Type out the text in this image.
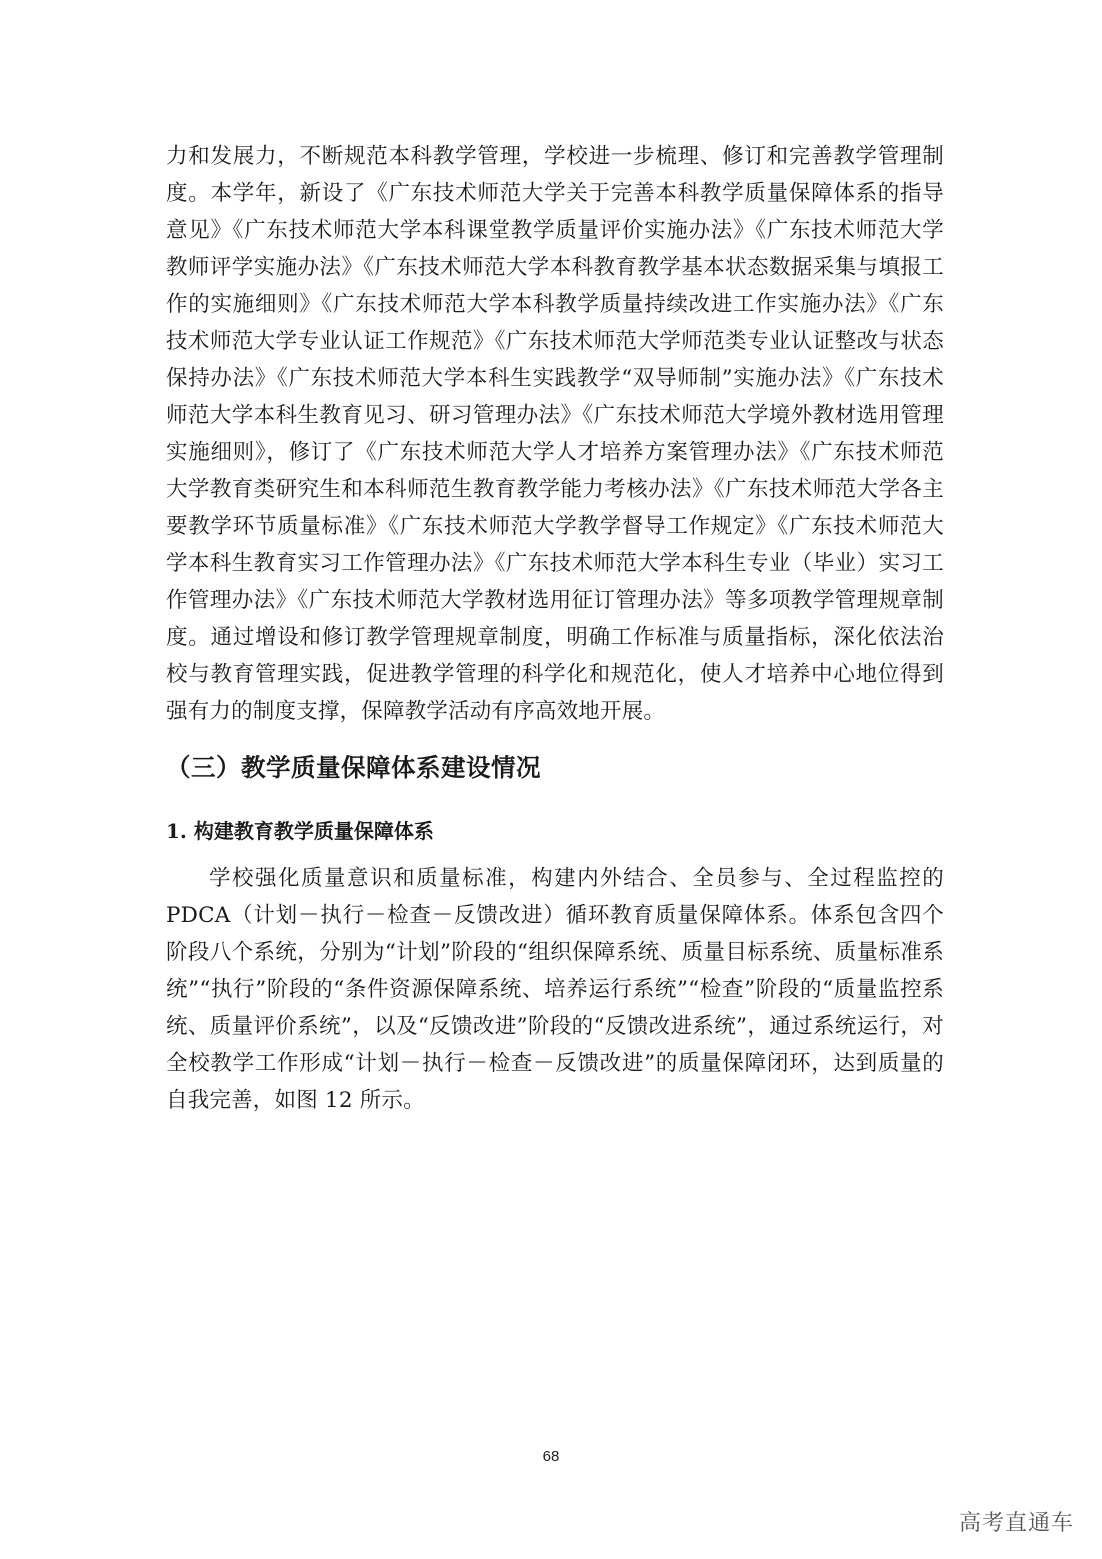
力和发展力，不断规范本科教学管理，学校进一步梳理、修订和完善教学管理制度。本学年，新设了《广东技术师范大学关于完善本科教学质量保障体系的指导意见》《广东技术师范大学本科课堂教学质量评价实施办法》《广东技术师范大学教师评学实施办法》《广东技术师范大学本科教育教学基本状态数据采集与填报工作的实施细则》《广东技术师范大学本科教学质量持续改进工作实施办法》《广东技术师范大学专业认证工作规范》《广东技术师范大学师范类专业认证整改与状态保持办法》《广东技术师范大学本科生实践教学“双导师制”实施办法》《广东技术师范大学本科生教育见习、研习管理办法》《广东技术师范大学境外教材选用管理实施细则》，修订了《广东技术师范大学人才培养方案管理办法》《广东技术师范大学教育类研究生和本科师范生教育教学能力考核办法》《广东技术师范大学各主要教学环节质量标准》《广东技术师范大学教学督导工作规定》《广东技术师范大学本科生教育实习工作管理办法》《广东技术师范大学本科生专业（毕业）实习工作管理办法》《广东技术师范大学教材选用征订管理办法》等多项教学管理规章制度。通过增设和修订教学管理规章制度，明确工作标准与质量指标，深化依法治校与教育管理实践，促进教学管理的科学化和规范化，使人才培养中心地位得到强有力的制度支撑，保障教学活动有序高效地开展。

（三）教学质量保障体系建设情况
1. 构建教育教学质量保障体系

学校强化质量意识和质量标准，构建内外结合、全员参与、全过程监控的PDCA（计划－执行－检查－反馈改进）循环教育质量保障体系。体系包含四个阶段八个系统，分别为“计划”阶段的“组织保障系统、质量目标系统、质量标准系统”“执行”阶段的“条件资源保障系统、培养运行系统”“检查”阶段的“质量监控系统、质量评价系统”，以及“反馈改进”阶段的“反馈改进系统”，通过系统运行，对全校教学工作形成“计划－执行－检查－反馈改进”的质量保障闭环，达到质量的自我完善，如图 12 所示。

68
高考直通车
